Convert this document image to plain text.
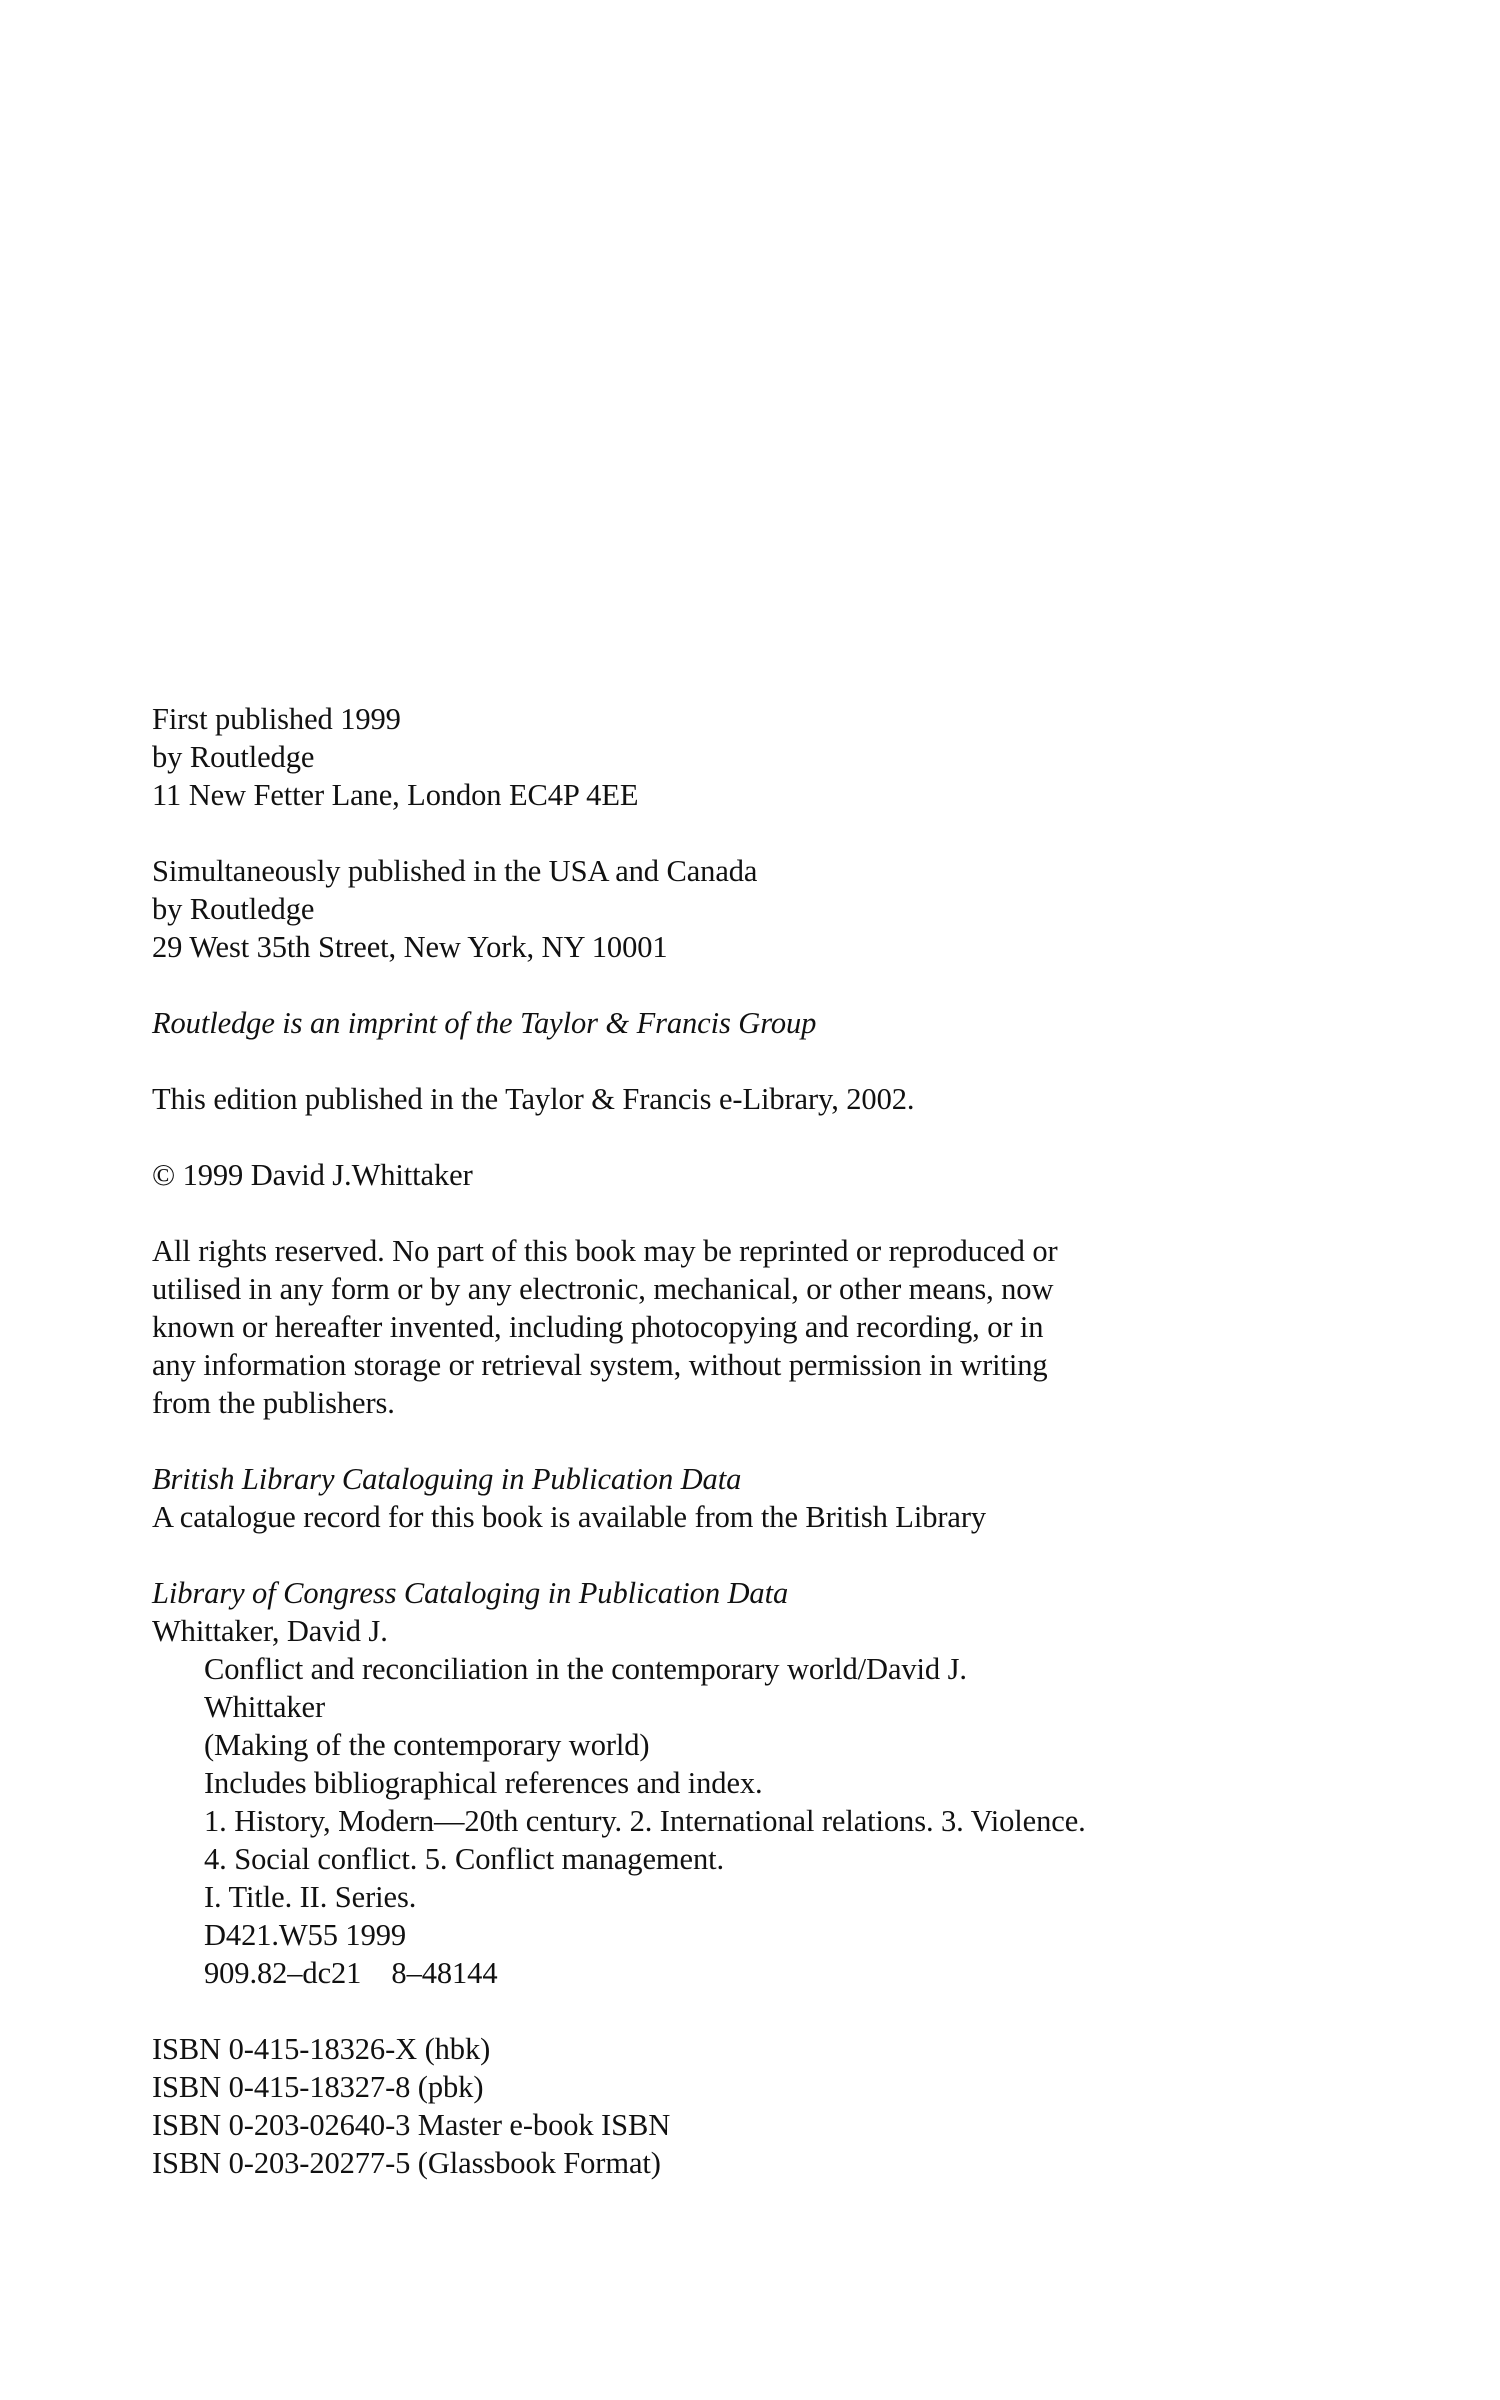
First published 1999
by Routledge
11 New Fetter Lane, London EC4P 4EE
Simultaneously published in the USA and Canada
by Routledge
29 West 35th Street, New York, NY 10001
Routledge is an imprint of the Taylor & Francis Group
This edition published in the Taylor & Francis e-Library, 2002.
© 1999 David J.Whittaker
All rights reserved. No part of this book may be reprinted or reproduced or
utilised in any form or by any electronic, mechanical, or other means, now
known or hereafter invented, including photocopying and recording, or in
any information storage or retrieval system, without permission in writing
from the publishers.
British Library Cataloguing in Publication Data
A catalogue record for this book is available from the British Library
Library of Congress Cataloging in Publication Data
Whittaker, David J.
Conflict and reconciliation in the contemporary world/David J.
Whittaker
(Making of the contemporary world)
Includes bibliographical references and index.
1. History, Modern—20th century. 2. International relations. 3. Violence.
4. Social conflict. 5. Conflict management.
I. Title. II. Series.
D421.W55 1999
909.82–dc21    8–48144
ISBN 0-415-18326-X (hbk)
ISBN 0-415-18327-8 (pbk)
ISBN 0-203-02640-3 Master e-book ISBN
ISBN 0-203-20277-5 (Glassbook Format)
